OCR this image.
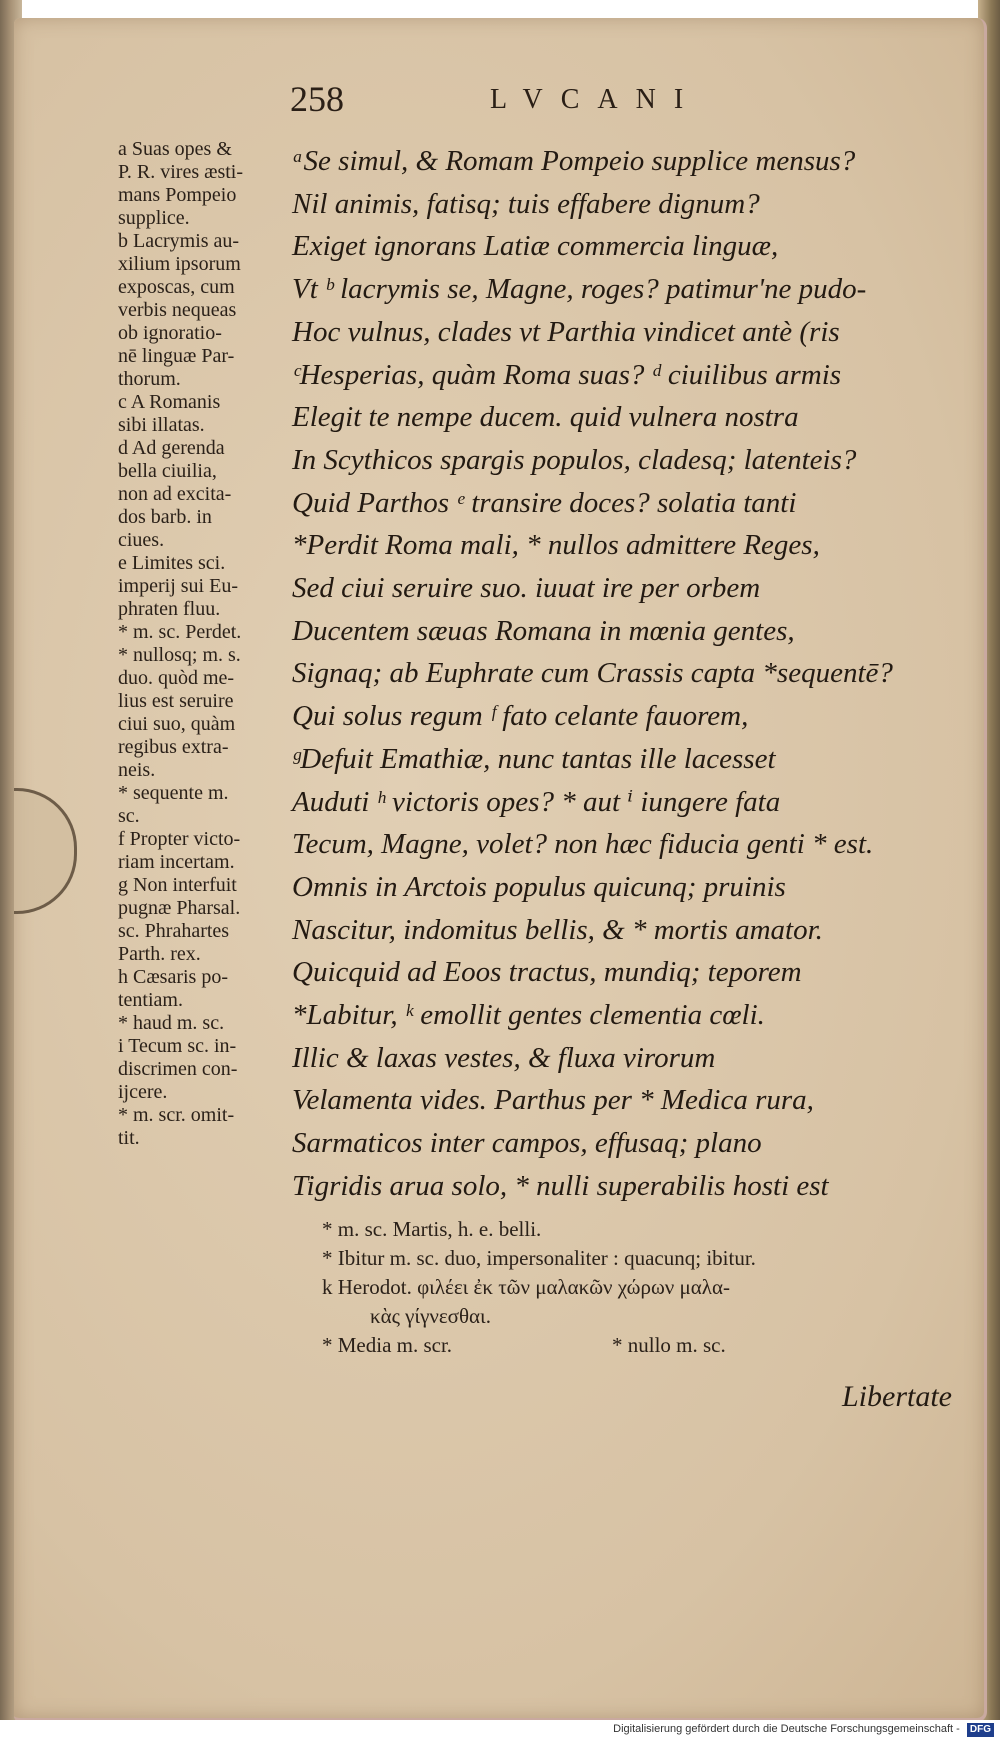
258	LVCANI
a Suas opes &
P. R. vires æsti-
mans Pompeio
supplice.
b Lacrymis au-
xilium ipsorum
exposcas, cum
verbis nequeas
ob ignoratio-
nē linguæ Par-
thorum.
c A Romanis
sibi illatas.
d Ad gerenda
bella ciuilia,
non ad excita-
dos barb. in
ciues.
e Limites sci.
imperij sui Eu-
phraten fluu.
* m. sc. Perdet.
* nullosq; m. s.
duo. quòd me-
lius est seruire
ciui suo, quàm
regibus extra-
neis.
* sequente m.
sc.
f Propter victo-
riam incertam.
g Non interfuit
pugnæ Pharsal.
sc. Phrahartes
Parth. rex.
h Cæsaris po-
tentiam.
* haud m. sc.
i Tecum sc. in-
discrimen con-
ijcere.
* m. scr. omit-
tit.
ᵃSe simul, & Romam Pompeio supplice mensus?
Nil animis, fatisq; tuis effabere dignum?
Exiget ignorans Latiæ commercia linguæ,
Vt ᵇ lacrymis se, Magne, roges? patimur'ne pudo-
Hoc vulnus, clades vt Parthia vindicet antè (ris
ᶜHesperias, quàm Roma suas? ᵈ ciuilibus armis
Elegit te nempe ducem. quid vulnera nostra
In Scythicos spargis populos, cladesq; latenteis?
Quid Parthos ᵉ transire doces? solatia tanti
*Perdit Roma mali, * nullos admittere Reges,
Sed ciui seruire suo. iuuat ire per orbem
Ducentem sæuas Romana in mœnia gentes,
Signaq; ab Euphrate cum Crassis capta *sequentē?
Qui solus regum ᶠ fato celante fauorem,
ᵍDefuit Emathiæ, nunc tantas ille lacesset
Auduti ʰ victoris opes? * aut ⁱ iungere fata
Tecum, Magne, volet? non hæc fiducia genti * est.
Omnis in Arctois populus quicunq; pruinis
Nascitur, indomitus bellis, & * mortis amator.
Quicquid ad Eoos tractus, mundiq; teporem
*Labitur, ᵏ emollit gentes clementia cœli.
Illic & laxas vestes, & fluxa virorum
Velamenta vides. Parthus per * Medica rura,
Sarmaticos inter campos, effusaq; plano
Tigridis arua solo, * nulli superabilis hosti est
* m. sc. Martis, h. e. belli.
* Ibitur m. sc. duo, impersonaliter : quacunq; ibitur.
k Herodot. φιλέει ἐκ τῶν μαλακῶν χώρων μαλα-
κὰς γίγνεσθαι.
* Media m. scr.	* nullo m. sc.
Libertate
Digitalisierung gefördert durch die Deutsche Forschungsgemeinschaft - DFG
